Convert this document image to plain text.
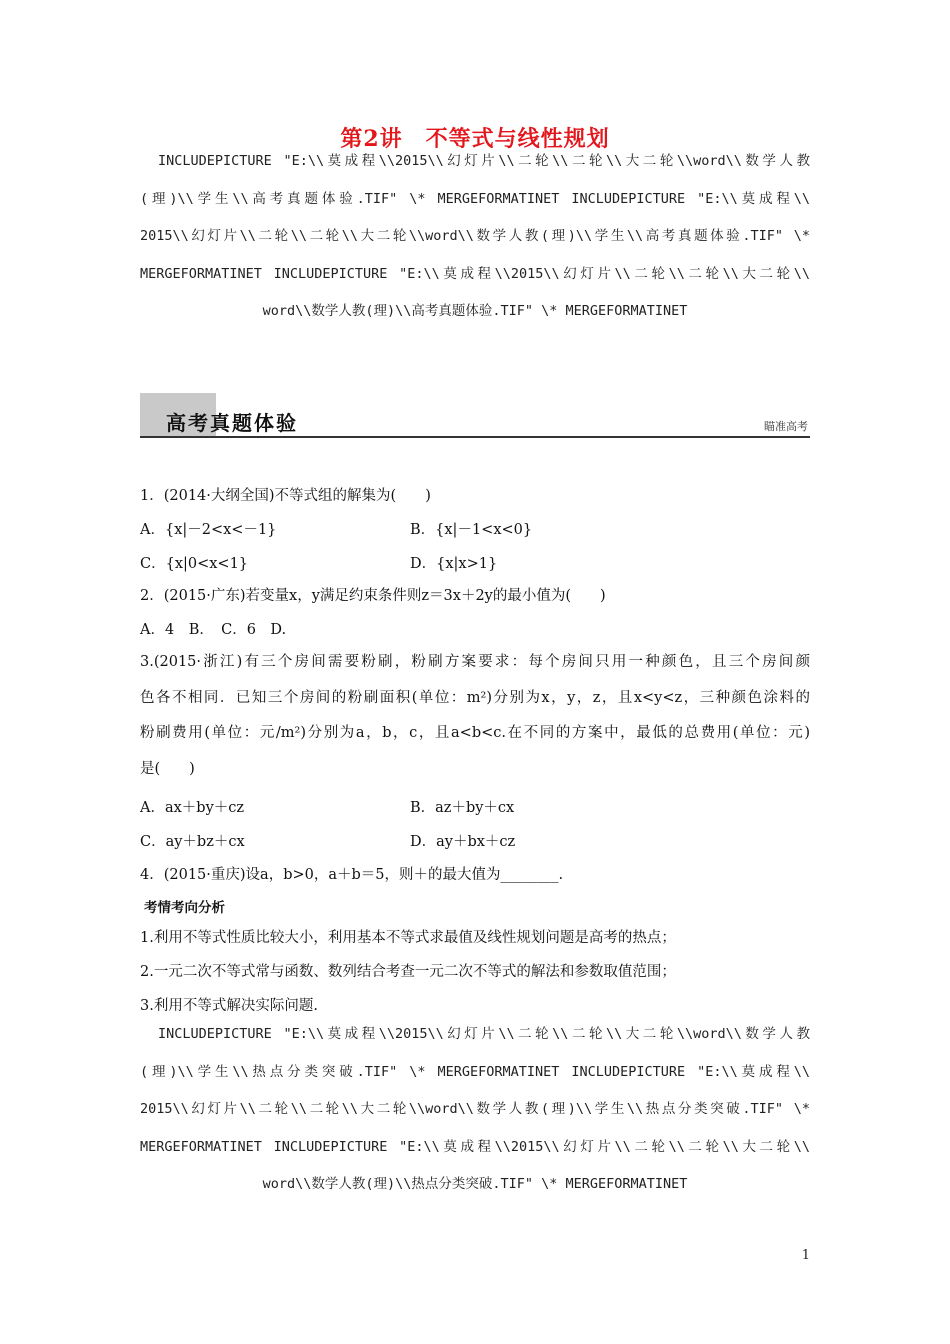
第2讲　不等式与线性规划
INCLUDEPICTURE "E:\\莫成程\\2015\\幻灯片\\二轮\\二轮\\大二轮\\word\\数学人教
(理)\\学生\\高考真题体验.TIF" \* MERGEFORMATINET INCLUDEPICTURE "E:\\莫成程\\
2015\\幻灯片\\二轮\\二轮\\大二轮\\word\\数学人教(理)\\学生\\高考真题体验.TIF" \*
MERGEFORMATINET INCLUDEPICTURE "E:\\莫成程\\2015\\幻灯片\\二轮\\二轮\\大二轮\\
word\\数学人教(理)\\高考真题体验.TIF" \* MERGEFORMATINET
高考真题体验	瞄准高考
1．(2014·大纲全国)不等式组的解集为(　　)
A．{x|－2<x<－1}	B．{x|－1<x<0}
C．{x|0<x<1}	D．{x|x>1}
2．(2015·广东)若变量x，y满足约束条件则z＝3x＋2y的最小值为(　　)
A．4　B．　C．6　D.
3.(2015·浙江)有三个房间需要粉刷，粉刷方案要求：每个房间只用一种颜色，且三个房间颜
色各不相同．已知三个房间的粉刷面积(单位：m²)分别为x，y，z，且x<y<z，三种颜色涂料的
粉刷费用(单位：元/m²)分别为a，b，c，且a<b<c.在不同的方案中，最低的总费用(单位：元)
是(　　)
A．ax＋by＋cz	B．az＋by＋cx
C．ay＋bz＋cx	D．ay＋bx＋cz
4．(2015·重庆)设a，b>0，a＋b＝5，则＋的最大值为________.
考情考向分析
1.利用不等式性质比较大小，利用基本不等式求最值及线性规划问题是高考的热点；
2.一元二次不等式常与函数、数列结合考查一元二次不等式的解法和参数取值范围；
3.利用不等式解决实际问题.
INCLUDEPICTURE "E:\\莫成程\\2015\\幻灯片\\二轮\\二轮\\大二轮\\word\\数学人教
(理)\\学生\\热点分类突破.TIF" \* MERGEFORMATINET INCLUDEPICTURE "E:\\莫成程\\
2015\\幻灯片\\二轮\\二轮\\大二轮\\word\\数学人教(理)\\学生\\热点分类突破.TIF" \*
MERGEFORMATINET INCLUDEPICTURE "E:\\莫成程\\2015\\幻灯片\\二轮\\二轮\\大二轮\\
word\\数学人教(理)\\热点分类突破.TIF" \* MERGEFORMATINET
1
